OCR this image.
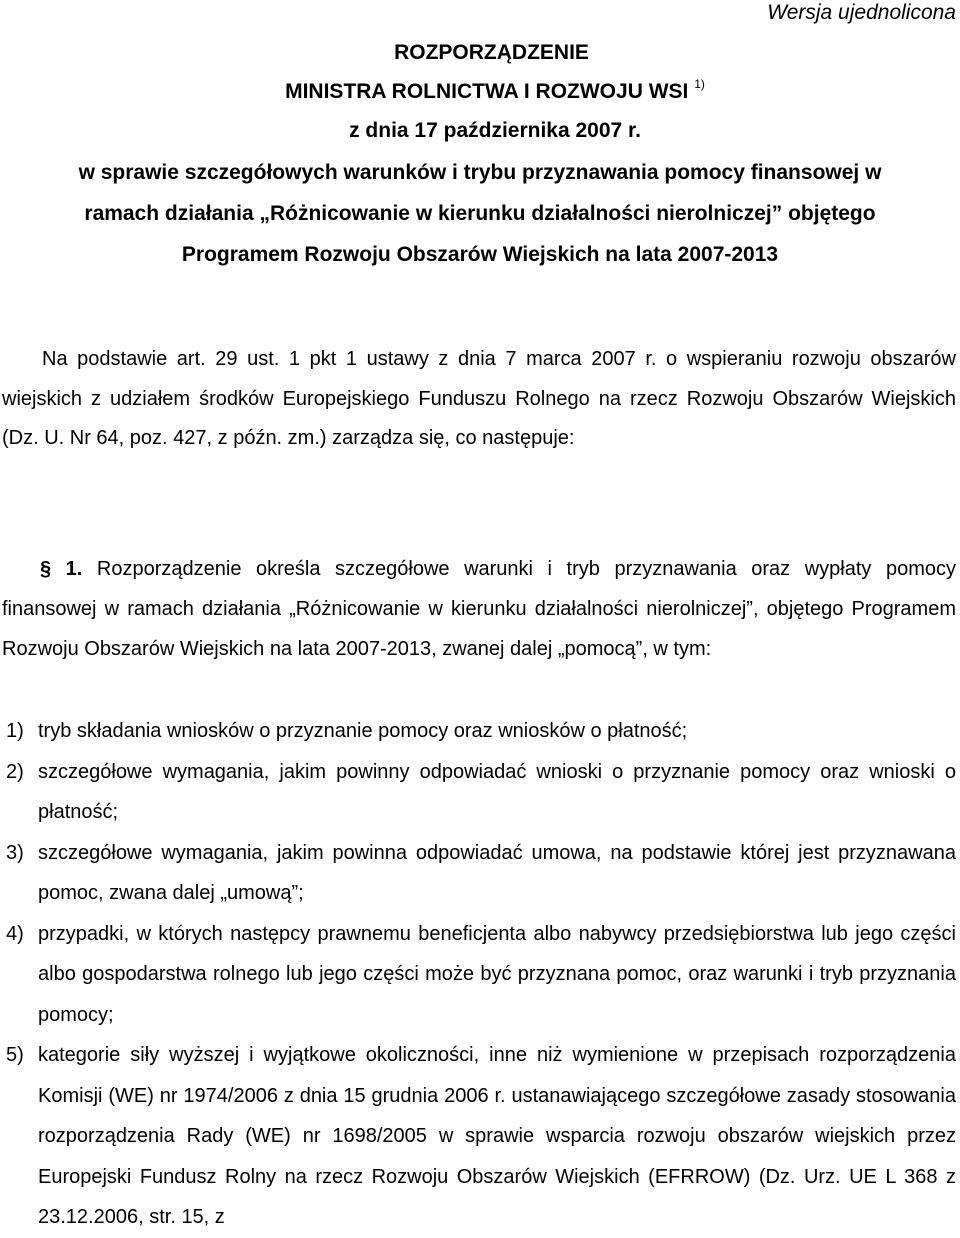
Wersja ujednolicona
ROZPORZĄDZENIE
MINISTRA ROLNICTWA I ROZWOJU WSI $^{1)}$
z dnia 17 października 2007 r.
w sprawie szczegółowych warunków i trybu przyznawania pomocy finansowej w
ramach działania „Różnicowanie w kierunku działalności nierolniczej” objętego
Programem Rozwoju Obszarów Wiejskich na lata 2007-2013
Na podstawie art. 29 ust. 1 pkt 1 ustawy z dnia 7 marca 2007 r. o wspieraniu rozwoju obszarów wiejskich z udziałem środków Europejskiego Funduszu Rolnego na rzecz Rozwoju Obszarów Wiejskich (Dz. U. Nr 64, poz. 427, z późn. zm.) zarządza się, co następuje:
§ 1. Rozporządzenie określa szczegółowe warunki i tryb przyznawania oraz wypłaty pomocy finansowej w ramach działania „Różnicowanie w kierunku działalności nierolniczej”, objętego Programem Rozwoju Obszarów Wiejskich na lata 2007-2013, zwanej dalej „pomocą”, w tym:
1) tryb składania wniosków o przyznanie pomocy oraz wniosków o płatność;
2) szczegółowe wymagania, jakim powinny odpowiadać wnioski o przyznanie pomocy oraz wnioski o płatność;
3) szczegółowe wymagania, jakim powinna odpowiadać umowa, na podstawie której jest przyznawana pomoc, zwana dalej „umową”;
4) przypadki, w których następcy prawnemu beneficjenta albo nabywcy przedsiębiorstwa lub jego części albo gospodarstwa rolnego lub jego części może być przyznana pomoc, oraz warunki i tryb przyznania pomocy;
5) kategorie siły wyższej i wyjątkowe okoliczności, inne niż wymienione w przepisach rozporządzenia Komisji (WE) nr 1974/2006 z dnia 15 grudnia 2006 r. ustanawiającego szczegółowe zasady stosowania rozporządzenia Rady (WE) nr 1698/2005 w sprawie wsparcia rozwoju obszarów wiejskich przez Europejski Fundusz Rolny na rzecz Rozwoju Obszarów Wiejskich (EFRROW) (Dz. Urz. UE L 368 z 23.12.2006, str. 15, z
